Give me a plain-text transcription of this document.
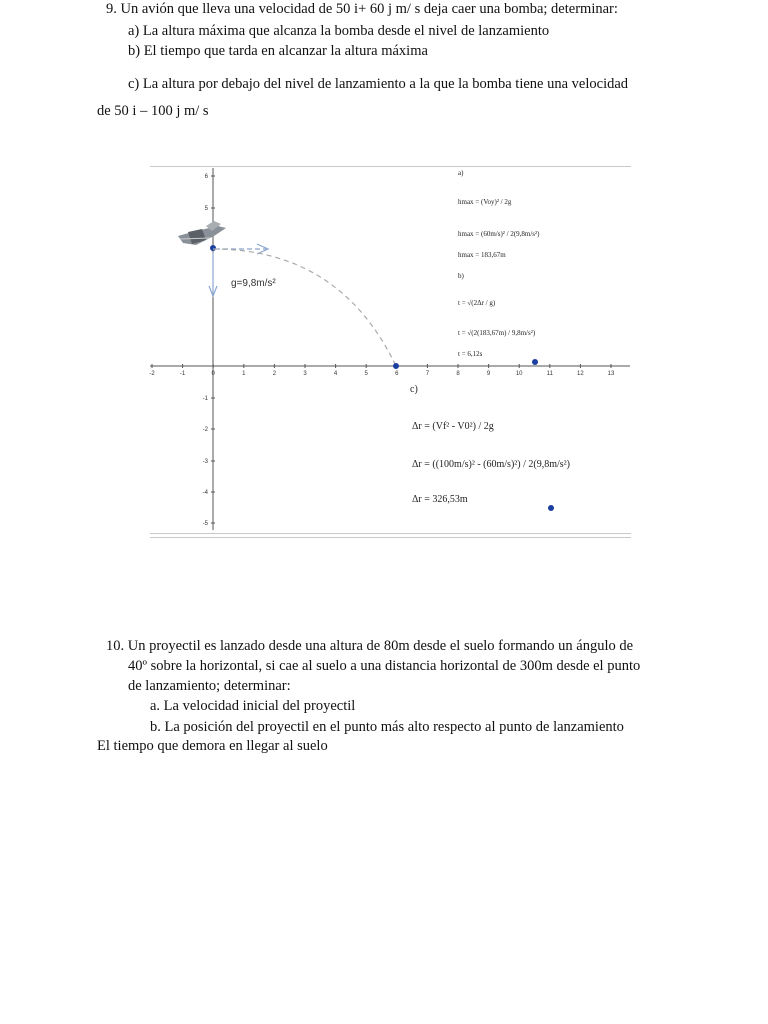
9. Un avión que lleva una velocidad de 50 i+ 60 j m/ s deja caer una bomba; determinar:
a) La altura máxima que alcanza la bomba desde el nivel de lanzamiento
b) El tiempo que tarda en alcanzar la altura máxima
c) La altura por debajo del nivel de lanzamiento a la que la bomba tiene una velocidad
de 50 i – 100 j m/ s
-2	-1	0	1	2	3	4	5	6	7	8	9	10	11	12	13
6
5
-1
-2
-3
-4
-5
g=9,8m/s²
a)
hmax = (Voy)² / 2g
hmax = (60m/s)² / 2(9,8m/s²)
hmax = 183,67m
b)
t = √(2Δr / g)
t = √(2(183,67m) / 9,8m/s²)
t = 6,12s
c)
Δr = (Vf² - V0²) / 2g
Δr = ((100m/s)² - (60m/s)²) / 2(9,8m/s²)
Δr = 326,53m
10. Un proyectil es lanzado desde una altura de 80m desde el suelo formando un ángulo de
40º sobre la horizontal, si cae al suelo a una distancia horizontal de 300m desde el punto
de lanzamiento; determinar:
a. La velocidad inicial del proyectil
b. La posición del proyectil en el punto más alto respecto al punto de lanzamiento
El tiempo que demora en llegar al suelo
